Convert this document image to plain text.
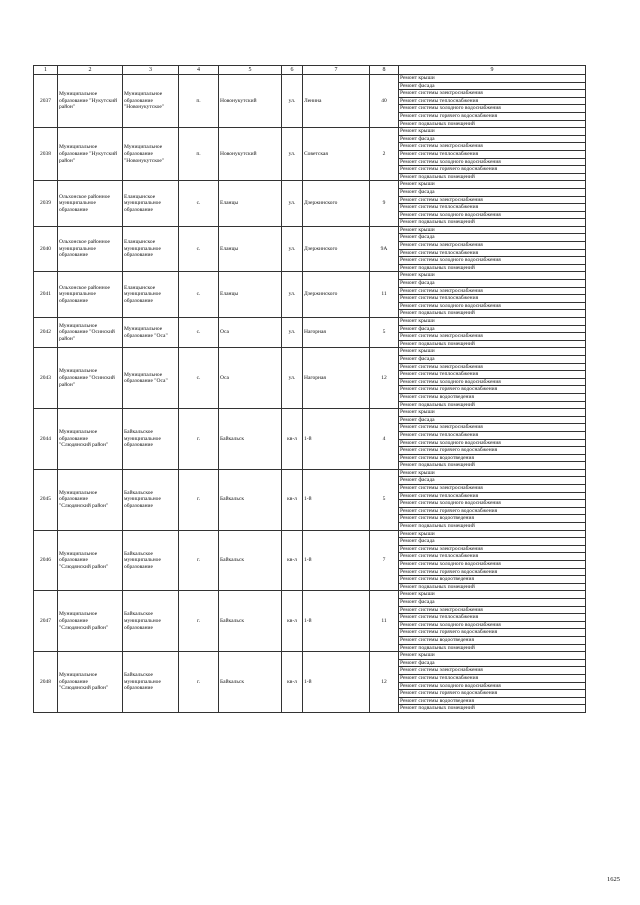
1	2	3	4	5	6	7	8	9
2037	Муниципальное образование "Нукутский район"	Муниципальное образование "Новонукутское"	п.	Новонукутский	ул.	Ленина	40	Ремонт крыши
								Ремонт фасада
								Ремонт системы электроснабжения
								Ремонт системы теплоснабжения
								Ремонт системы холодного водоснабжения
								Ремонт системы горячего водоснабжения
								Ремонт подвальных помещений
2038	Муниципальное образование "Нукутский район"	Муниципальное образование "Новонукутское"	п.	Новонукутский	ул.	Советская	2	Ремонт крыши
								Ремонт фасада
								Ремонт системы электроснабжения
								Ремонт системы теплоснабжения
								Ремонт системы холодного водоснабжения
								Ремонт системы горячего водоснабжения
								Ремонт подвальных помещений
2039	Ольхонское районное муниципальное образование	Еланцынское муниципальное образование	с.	Еланцы	ул.	Дзержинского	9	Ремонт крыши
								Ремонт фасада
								Ремонт системы электроснабжения
								Ремонт системы теплоснабжения
								Ремонт системы холодного водоснабжения
								Ремонт подвальных помещений
2040	Ольхонское районное муниципальное образование	Еланцынское муниципальное образование	с.	Еланцы	ул.	Дзержинского	9А	Ремонт крыши
								Ремонт фасада
								Ремонт системы электроснабжения
								Ремонт системы теплоснабжения
								Ремонт системы холодного водоснабжения
								Ремонт подвальных помещений
2041	Ольхонское районное муниципальное образование	Еланцынское муниципальное образование	с.	Еланцы	ул.	Дзержинского	11	Ремонт крыши
								Ремонт фасада
								Ремонт системы электроснабжения
								Ремонт системы теплоснабжения
								Ремонт системы холодного водоснабжения
								Ремонт подвальных помещений
2042	Муниципальное образование "Осинский район"	Муниципальное образование "Оса"	с.	Оса	ул.	Нагорная	5	Ремонт крыши
								Ремонт фасада
								Ремонт системы электроснабжения
								Ремонт подвальных помещений
2043	Муниципальное образование "Осинский район"	Муниципальное образование "Оса"	с.	Оса	ул.	Нагорная	12	Ремонт крыши
								Ремонт фасада
								Ремонт системы электроснабжения
								Ремонт системы теплоснабжения
								Ремонт системы холодного водоснабжения
								Ремонт системы горячего водоснабжения
								Ремонт системы водоотведения
								Ремонт подвальных помещений
2044	Муниципальное образование "Слюдянский район"	Байкальское муниципальное образование	г.	Байкальск	кв-л	1-й	4	Ремонт крыши
								Ремонт фасада
								Ремонт системы электроснабжения
								Ремонт системы теплоснабжения
								Ремонт системы холодного водоснабжения
								Ремонт системы горячего водоснабжения
								Ремонт системы водоотведения
								Ремонт подвальных помещений
2045	Муниципальное образование "Слюдянский район"	Байкальское муниципальное образование	г.	Байкальск	кв-л	1-й	5	Ремонт крыши
								Ремонт фасада
								Ремонт системы электроснабжения
								Ремонт системы теплоснабжения
								Ремонт системы холодного водоснабжения
								Ремонт системы горячего водоснабжения
								Ремонт системы водоотведения
								Ремонт подвальных помещений
2046	Муниципальное образование "Слюдянский район"	Байкальское муниципальное образование	г.	Байкальск	кв-л	1-й	7	Ремонт крыши
								Ремонт фасада
								Ремонт системы электроснабжения
								Ремонт системы теплоснабжения
								Ремонт системы холодного водоснабжения
								Ремонт системы горячего водоснабжения
								Ремонт системы водоотведения
								Ремонт подвальных помещений
2047	Муниципальное образование "Слюдянский район"	Байкальское муниципальное образование	г.	Байкальск	кв-л	1-й	11	Ремонт крыши
								Ремонт фасада
								Ремонт системы электроснабжения
								Ремонт системы теплоснабжения
								Ремонт системы холодного водоснабжения
								Ремонт системы горячего водоснабжения
								Ремонт системы водоотведения
								Ремонт подвальных помещений
2048	Муниципальное образование "Слюдянский район"	Байкальское муниципальное образование	г.	Байкальск	кв-л	1-й	12	Ремонт крыши
								Ремонт фасада
								Ремонт системы электроснабжения
								Ремонт системы теплоснабжения
								Ремонт системы холодного водоснабжения
								Ремонт системы горячего водоснабжения
								Ремонт системы водоотведения
								Ремонт подвальных помещений
1625
